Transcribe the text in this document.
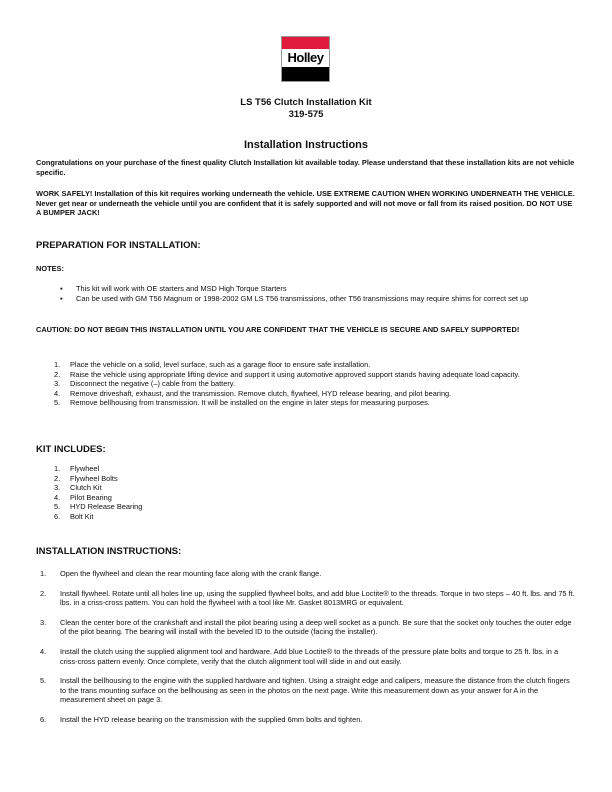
Holley
LS T56 Clutch Installation Kit
319-575
Installation Instructions
Congratulations on your purchase of the finest quality Clutch Installation kit available today. Please understand that these installation kits are not vehicle specific.
WORK SAFELY! Installation of this kit requires working underneath the vehicle. USE EXTREME CAUTION WHEN WORKING UNDERNEATH THE VEHICLE. Never get near or underneath the vehicle until you are confident that it is safely supported and will not move or fall from its raised position. DO NOT USE A BUMPER JACK!
PREPARATION FOR INSTALLATION:
NOTES:
▪	This kit will work with OE starters and MSD High Torque Starters
▪	Can be used with GM T56 Magnum or 1998-2002 GM LS T56 transmissions, other T56 transmissions may require shims for correct set up
CAUTION: DO NOT BEGIN THIS INSTALLATION UNTIL YOU ARE CONFIDENT THAT THE VEHICLE IS SECURE AND SAFELY SUPPORTED!
1.	Place the vehicle on a solid, level surface, such as a garage floor to ensure safe installation.
2.	Raise the vehicle using appropriate lifting device and support it using automotive approved support stands having adequate load capacity.
3.	Disconnect the negative (–) cable from the battery.
4.	Remove driveshaft, exhaust, and the transmission. Remove clutch, flywheel, HYD release bearing, and pilot bearing.
5.	Remove bellhousing from transmission. It will be installed on the engine in later steps for measuring purposes.
KIT INCLUDES:
1.	Flywheel
2.	Flywheel Bolts
3.	Clutch Kit
4.	Pilot Bearing
5.	HYD Release Bearing
6.	Bolt Kit
INSTALLATION INSTRUCTIONS:
1.	Open the flywheel and clean the rear mounting face along with the crank flange.
2.	Install flywheel. Rotate until all holes line up, using the supplied flywheel bolts, and add blue Loctite® to the threads. Torque in two steps – 40 ft. lbs. and 75 ft. lbs. in a criss-cross pattern. You can hold the flywheel with a tool like Mr. Gasket 8013MRG or equivalent.
3.	Clean the center bore of the crankshaft and install the pilot bearing using a deep well socket as a punch. Be sure that the socket only touches the outer edge of the pilot bearing. The bearing will install with the beveled ID to the outside (facing the installer).
4.	Install the clutch using the supplied alignment tool and hardware. Add blue Loctite® to the threads of the pressure plate bolts and torque to 25 ft. lbs. in a criss-cross pattern evenly. Once complete, verify that the clutch alignment tool will slide in and out easily.
5.	Install the bellhousing to the engine with the supplied hardware and tighten. Using a straight edge and calipers, measure the distance from the clutch fingers to the trans mounting surface on the bellhousing as seen in the photos on the next page. Write this measurement down as your answer for A in the measurement sheet on page 3.
6.	Install the HYD release bearing on the transmission with the supplied 6mm bolts and tighten.
